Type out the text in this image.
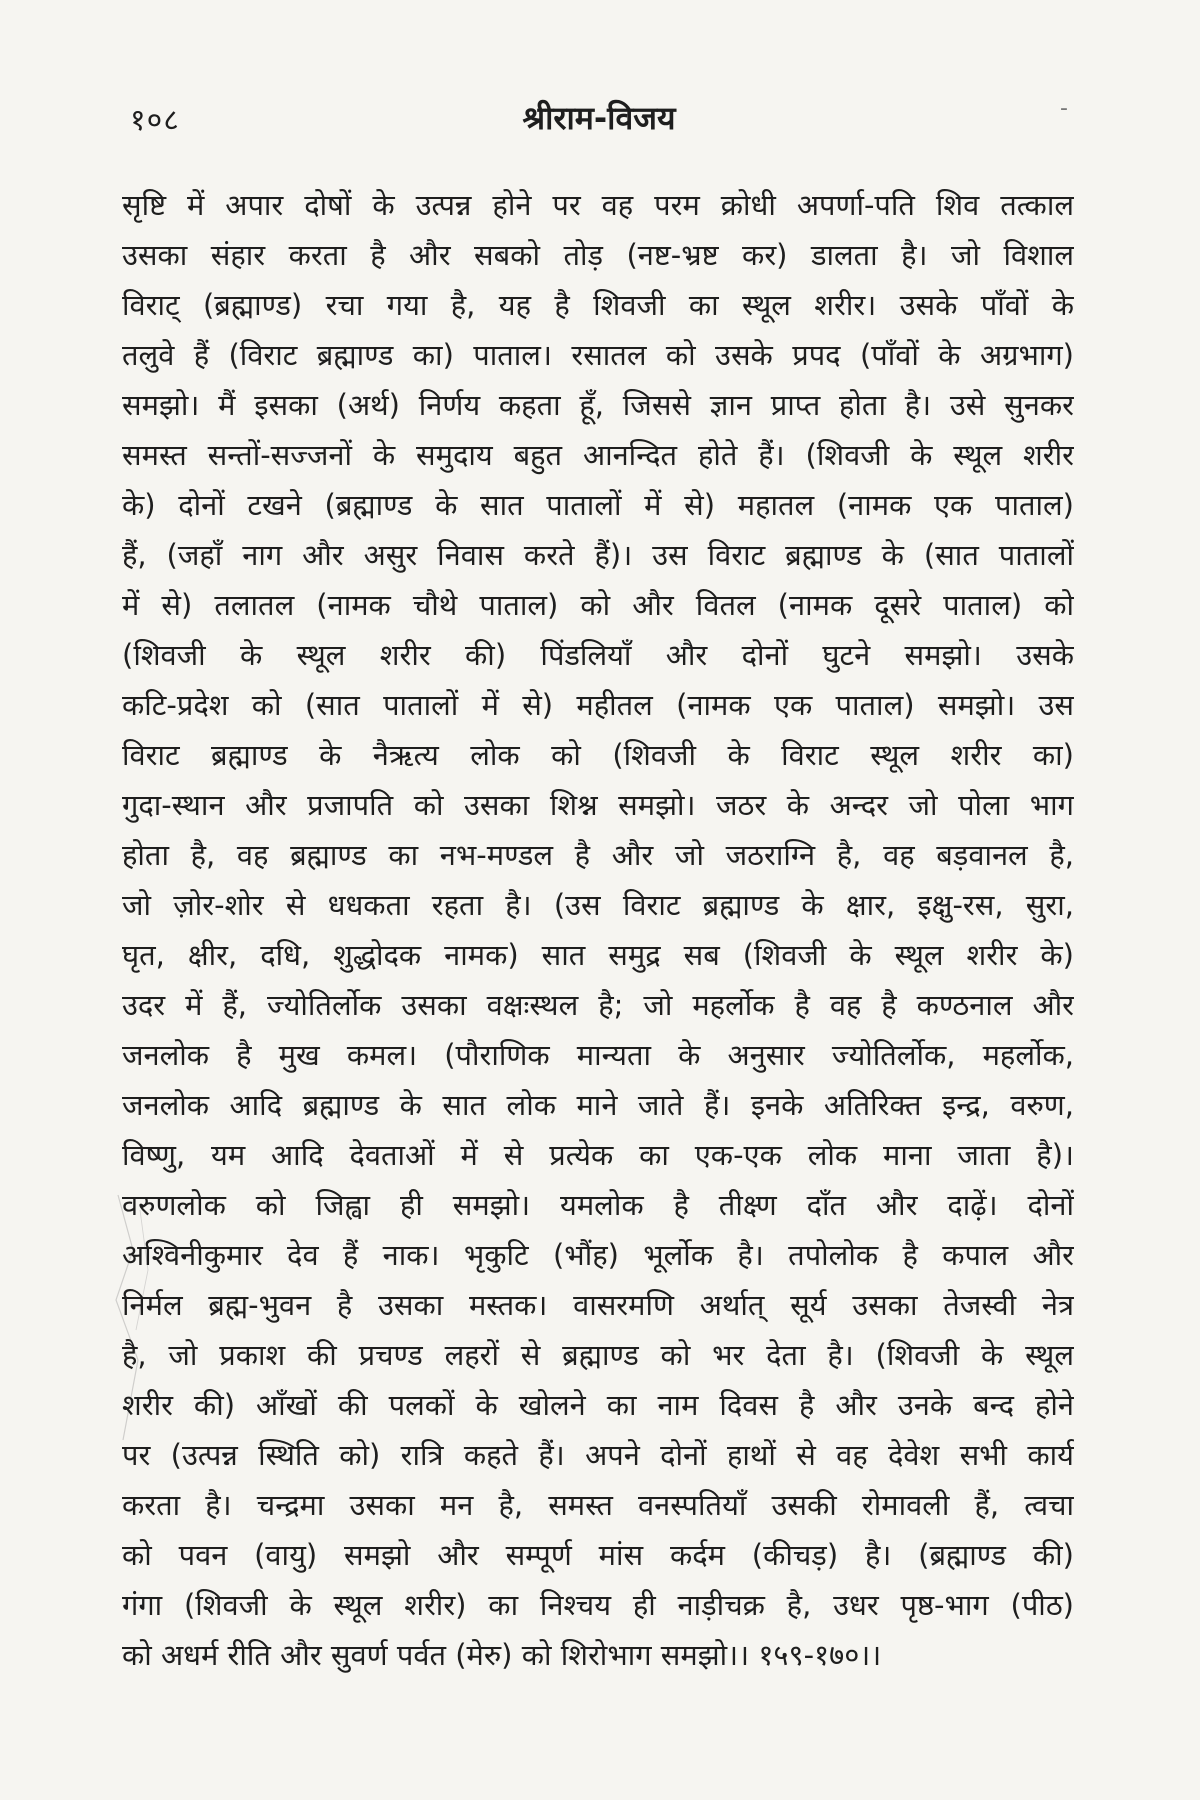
१०८	श्रीराम-विजय	-
सृष्टि में अपार दोषों के उत्पन्न होने पर वह परम क्रोधी अपर्णा-पति शिव तत्काल
उसका संहार करता है और सबको तोड़ (नष्ट-भ्रष्ट कर) डालता है। जो विशाल
विराट् (ब्रह्माण्ड) रचा गया है, यह है शिवजी का स्थूल शरीर। उसके पाँवों के
तलुवे हैं (विराट ब्रह्माण्ड का) पाताल। रसातल को उसके प्रपद (पाँवों के अग्रभाग)
समझो। मैं इसका (अर्थ) निर्णय कहता हूँ, जिससे ज्ञान प्राप्त होता है। उसे सुनकर
समस्त सन्तों-सज्जनों के समुदाय बहुत आनन्दित होते हैं। (शिवजी के स्थूल शरीर
के) दोनों टखने (ब्रह्माण्ड के सात पातालों में से) महातल (नामक एक पाताल)
हैं, (जहाँ नाग और असुर निवास करते हैं)। उस विराट ब्रह्माण्ड के (सात पातालों
में से) तलातल (नामक चौथे पाताल) को और वितल (नामक दूसरे पाताल) को
(शिवजी के स्थूल शरीर की) पिंडलियाँ और दोनों घुटने समझो। उसके
कटि-प्रदेश को (सात पातालों में से) महीतल (नामक एक पाताल) समझो। उस
विराट ब्रह्माण्ड के नैऋत्य लोक को (शिवजी के विराट स्थूल शरीर का)
गुदा-स्थान और प्रजापति को उसका शिश्न समझो। जठर के अन्दर जो पोला भाग
होता है, वह ब्रह्माण्ड का नभ-मण्डल है और जो जठराग्नि है, वह बड़वानल है,
जो ज़ोर-शोर से धधकता रहता है। (उस विराट ब्रह्माण्ड के क्षार, इक्षु-रस, सुरा,
घृत, क्षीर, दधि, शुद्धोदक नामक) सात समुद्र सब (शिवजी के स्थूल शरीर के)
उदर में हैं, ज्योतिर्लोक उसका वक्षःस्थल है; जो महर्लोक है वह है कण्ठनाल और
जनलोक है मुख कमल। (पौराणिक मान्यता के अनुसार ज्योतिर्लोक, महर्लोक,
जनलोक आदि ब्रह्माण्ड के सात लोक माने जाते हैं। इनके अतिरिक्त इन्द्र, वरुण,
विष्णु, यम आदि देवताओं में से प्रत्येक का एक-एक लोक माना जाता है)।
वरुणलोक को जिह्वा ही समझो। यमलोक है तीक्ष्ण दाँत और दाढ़ें। दोनों
अश्विनीकुमार देव हैं नाक। भृकुटि (भौंह) भूर्लोक है। तपोलोक है कपाल और
निर्मल ब्रह्म-भुवन है उसका मस्तक। वासरमणि अर्थात् सूर्य उसका तेजस्वी नेत्र
है, जो प्रकाश की प्रचण्ड लहरों से ब्रह्माण्ड को भर देता है। (शिवजी के स्थूल
शरीर की) आँखों की पलकों के खोलने का नाम दिवस है और उनके बन्द होने
पर (उत्पन्न स्थिति को) रात्रि कहते हैं। अपने दोनों हाथों से वह देवेश सभी कार्य
करता है। चन्द्रमा उसका मन है, समस्त वनस्पतियाँ उसकी रोमावली हैं, त्वचा
को पवन (वायु) समझो और सम्पूर्ण मांस कर्दम (कीचड़) है। (ब्रह्माण्ड की)
गंगा (शिवजी के स्थूल शरीर) का निश्चय ही नाड़ीचक्र है, उधर पृष्ठ-भाग (पीठ)
को अधर्म रीति और सुवर्ण पर्वत (मेरु) को शिरोभाग समझो।। १५९-१७०।।
